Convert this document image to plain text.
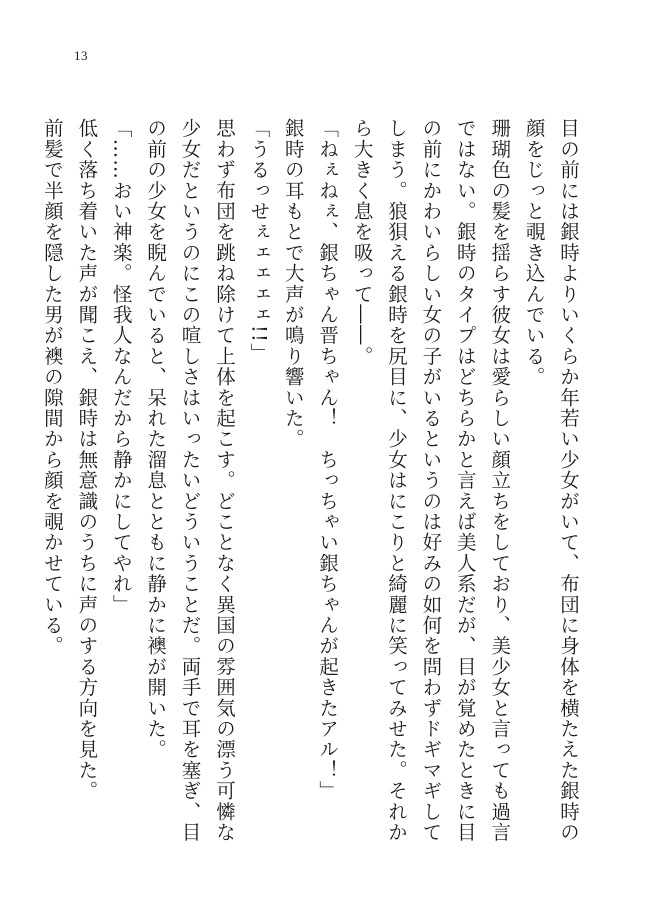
13

目の前には銀時よりいくらか年若い少女がいて、布団に身体を横たえた銀時の顔をじっと覗き込んでいる。

珊瑚色の髪を揺らす彼女は愛らしい顔立ちをしており、美少女と言っても過言ではない。銀時のタイプはどちらかと言えば美人系だが、目が覚めたときに目の前にかわいらしい女の子がいるというのは好みの如何を問わずドギマギしてしまう。狼狽える銀時を尻目に、少女はにこりと綺麗に笑ってみせた。それから大きく息を吸って――。

「ねぇねぇ、銀ちゃん晋ちゃん！　ちっちゃい銀ちゃんが起きたアル！」

銀時の耳もとで大声が鳴り響いた。

「うるっせぇェェェェ!!」

思わず布団を跳ね除けて上体を起こす。どことなく異国の雰囲気の漂う可憐な少女だというのにこの喧しさはいったいどういうことだ。両手で耳を塞ぎ、目の前の少女を睨んでいると、呆れた溜息とともに静かに襖が開いた。

「……おい神楽。怪我人なんだから静かにしてやれ」

低く落ち着いた声が聞こえ、銀時は無意識のうちに声のする方向を見た。

前髪で半顔を隠した男が襖の隙間から顔を覗かせている。
